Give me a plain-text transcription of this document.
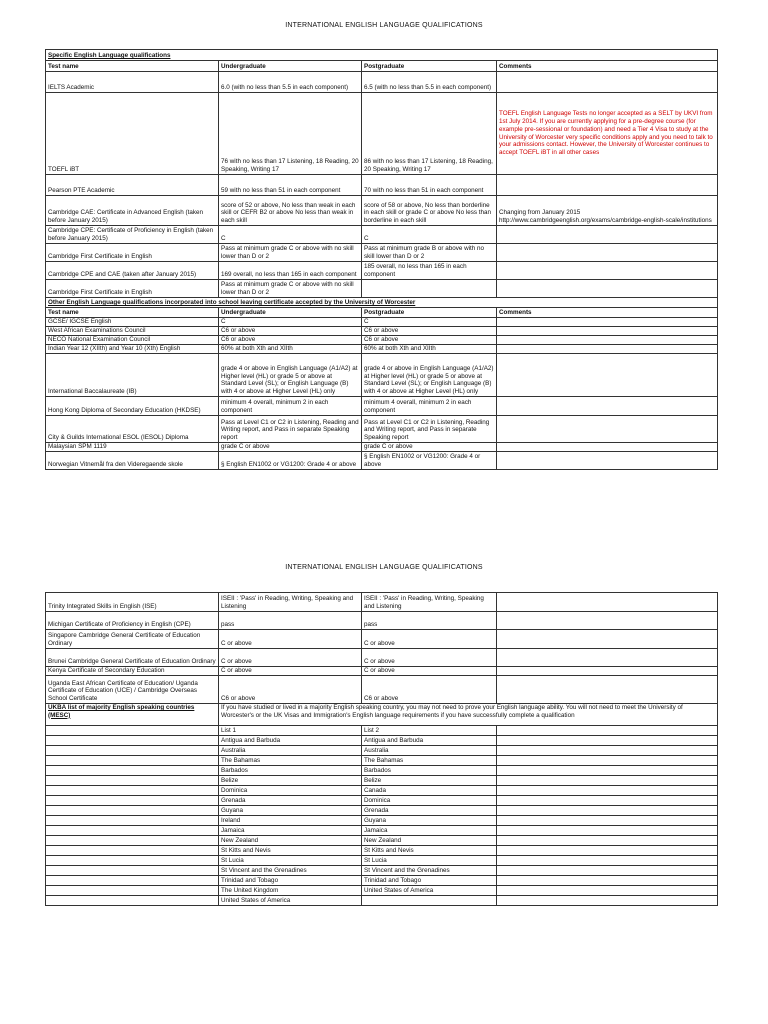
INTERNATIONAL ENGLISH LANGUAGE QUALIFICATIONS
Specific English Language qualifications			
Test name	Undergraduate	Postgraduate	Comments
IELTS Academic	6.0 (with no less than 5.5 in each component)	6.5 (with no less than 5.5 in each component)	
TOEFL iBT	76 with no less than 17 Listening, 18 Reading, 20 Speaking, Writing 17	86 with no less than 17 Listening, 18 Reading, 20 Speaking, Writing 17	TOEFL English Language Tests no longer accepted as a SELT by UKVI from 1st July 2014. If you are currently applying for a pre-degree course (for example pre-sessional or foundation) and need a Tier 4 Visa to study at the University of Worcester very specific conditions apply and you need to talk to your admissions contact. However, the University of Worcester continues to accept TOEFL iBT in all other cases
Pearson PTE Academic	59 with no less than 51 in each component	70 with no less than 51 in each component	
Cambridge CAE: Certificate in Advanced English (taken before January 2015)	score of 52 or above, No less than weak in each skill or CEFR B2 or above No less than weak in each skill	score of 58 or above, No less than borderline in each skill or grade C or above No less than borderline in each skill	Changing from January 2015 http://www.cambridgeenglish.org/exams/cambridge-english-scale/institutions
Cambridge CPE: Certificate of Proficiency in English (taken before January 2015)	C	C	
Cambridge First Certificate in English	Pass at minimum grade C or above with no skill lower than D or 2	Pass at minimum grade B or above with no skill lower than D or 2	
Cambridge CPE and CAE (taken after January 2015)	169 overall, no less than 165 in each component	185 overall, no less than 165 in each component	
Cambridge First Certificate in English	Pass at minimum grade C or above with no skill lower than D or 2		
Other English Language qualifications incorporated into school leaving certificate accepted by the University of Worcester			
Test name	Undergraduate	Postgraduate	Comments
GCSE/ IGCSE English	C	C	
West African Examinations Council	C6 or above	C6 or above	
NECO National Examination Council	C6 or above	C6 or above	
Indian Year 12 (XIIth) and Year 10 (Xth) English	60% at both Xth and XIIth	60% at both Xth and XIIth	
International Baccalaureate (IB)	grade 4 or above in English Language (A1/A2) at Higher level (HL) or grade 5 or above at Standard Level (SL); or English Language (B) with 4 or above at Higher Level (HL) only	grade 4 or above in English Language (A1/A2) at Higher level (HL) or grade 5 or above at Standard Level (SL); or English Language (B) with 4 or above at Higher Level (HL) only	
Hong Kong Diploma of Secondary Education (HKDSE)	minimum 4 overall, minimum 2 in each component	minimum 4 overall, minimum 2 in each component	
City & Guilds International ESOL (IESOL) Diploma	Pass at Level C1 or C2 in Listening, Reading and Writing report, and Pass in separate Speaking report	Pass at Level C1 or C2 in Listening, Reading and Writing report, and Pass in separate Speaking report	
Malaysian SPM 1119	grade C or above	grade C or above	
Norwegian Vitnemål fra den Videregaende skole	§ English EN1002 or VG1200: Grade 4 or above	§ English EN1002 or VG1200: Grade 4 or above	
INTERNATIONAL ENGLISH LANGUAGE QUALIFICATIONS
Trinity Integrated Skills in English (ISE)	ISEII : 'Pass' in Reading, Writing, Speaking and Listening	ISEII : 'Pass' in Reading, Writing, Speaking and Listening	
Michigan Certificate of Proficiency in English (CPE)	pass	pass	
Singapore Cambridge General Certificate of Education Ordinary	C or above	C or above	
Brunei Cambridge General Certificate of Education Ordinary	C or above	C or above	
Kenya Certificate of Secondary Education	C or above	C or above	
Uganda East African Certificate of Education/ Uganda Certificate of Education (UCE) / Cambridge Overseas School Certificate	C6 or above	C6 or above	
UKBA list of majority English speaking countries (MESC)	If you have studied or lived in a majority English speaking country, you may not need to prove your English language ability. You will not need to meet the University of Worcester's or the UK Visas and Immigration's English language requirements if you have successfully complete a qualification		
	List 1	List 2	
	Antigua and Barbuda	Antigua and Barbuda	
	Australia	Australia	
	The Bahamas	The Bahamas	
	Barbados	Barbados	
	Belize	Belize	
	Dominica	Canada	
	Grenada	Dominica	
	Guyana	Grenada	
	Ireland	Guyana	
	Jamaica	Jamaica	
	New Zealand	New Zealand	
	St Kitts and Nevis	St Kitts and Nevis	
	St Lucia	St Lucia	
	St Vincent and the Grenadines	St Vincent and the Grenadines	
	Trinidad and Tobago	Trinidad and Tobago	
	The United Kingdom	United States of America	
	United States of America		
